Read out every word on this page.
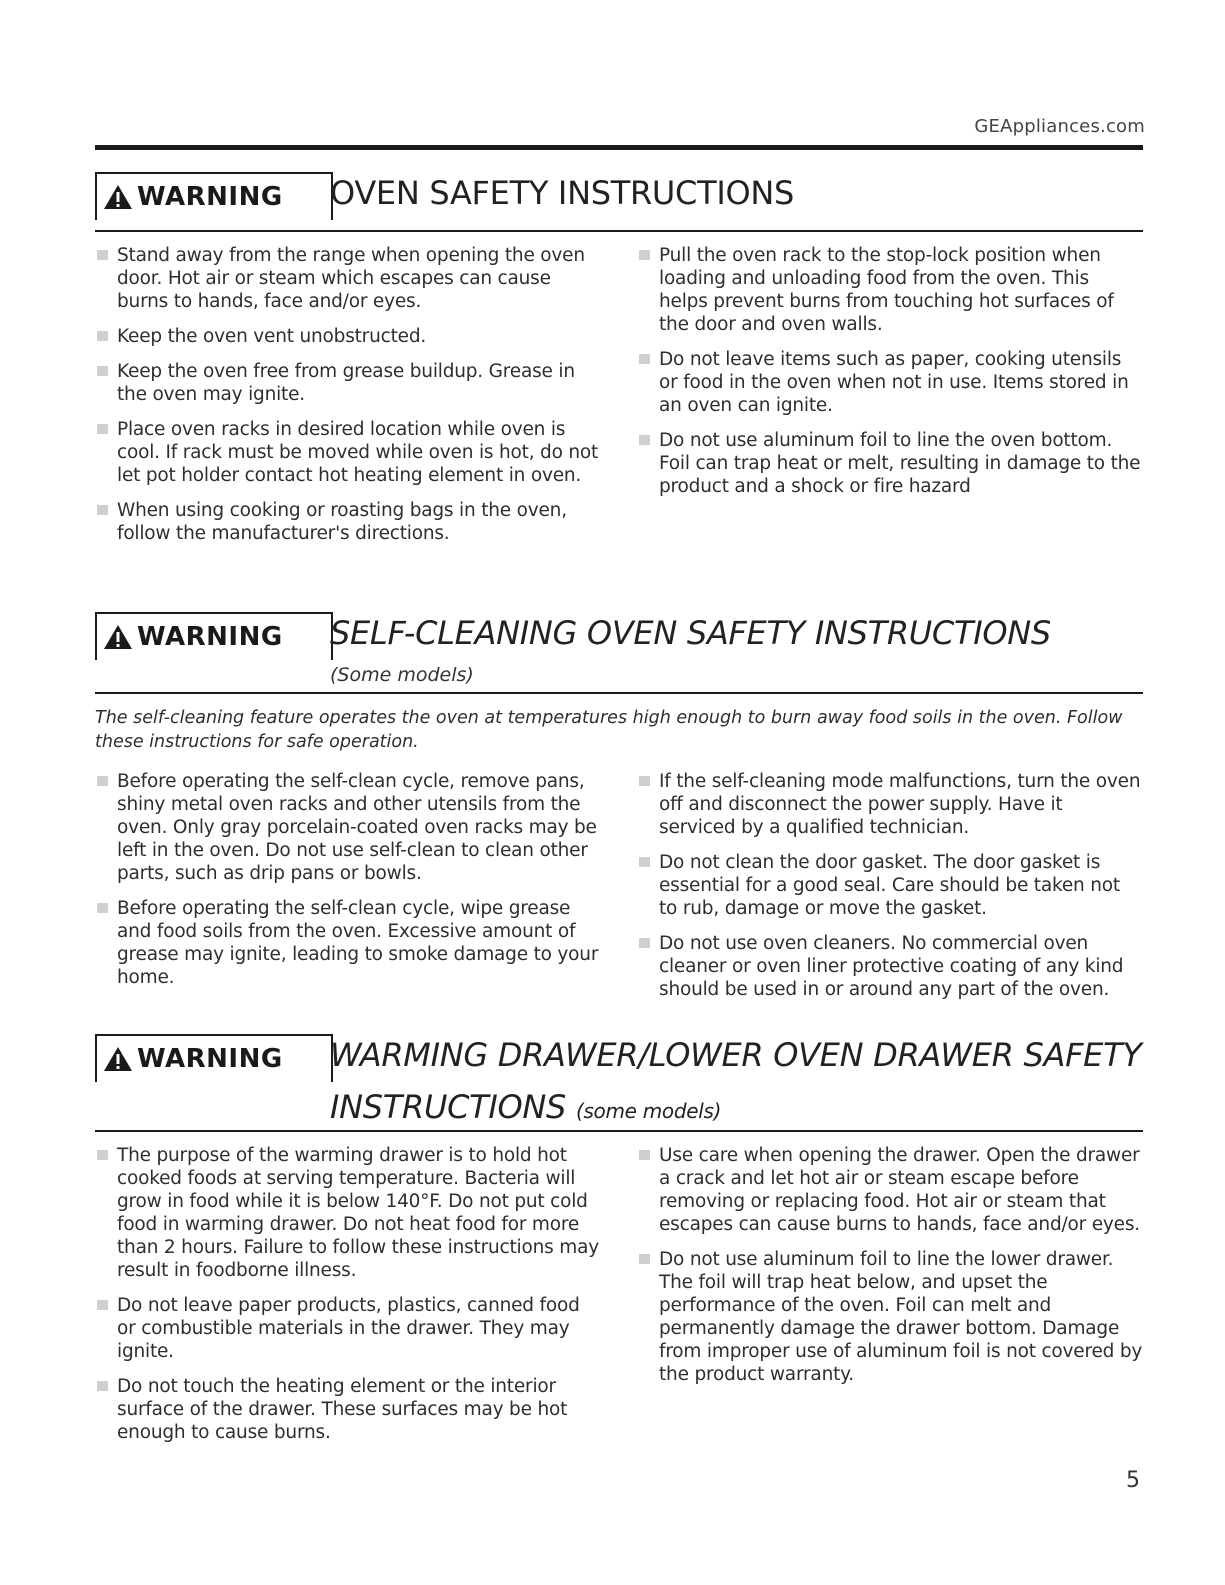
GEAppliances.com
WARNING OVEN SAFETY INSTRUCTIONS
Stand away from the range when opening the oven door. Hot air or steam which escapes can cause burns to hands, face and/or eyes.
Keep the oven vent unobstructed.
Keep the oven free from grease buildup. Grease in the oven may ignite.
Place oven racks in desired location while oven is cool. If rack must be moved while oven is hot, do not let pot holder contact hot heating element in oven.
When using cooking or roasting bags in the oven, follow the manufacturer's directions.
Pull the oven rack to the stop-lock position when loading and unloading food from the oven. This helps prevent burns from touching hot surfaces of the door and oven walls.
Do not leave items such as paper, cooking utensils or food in the oven when not in use. Items stored in an oven can ignite.
Do not use aluminum foil to line the oven bottom. Foil can trap heat or melt, resulting in damage to the product and a shock or fire hazard
WARNING SELF-CLEANING OVEN SAFETY INSTRUCTIONS
(Some models)
The self-cleaning feature operates the oven at temperatures high enough to burn away food soils in the oven. Follow these instructions for safe operation.
Before operating the self-clean cycle, remove pans, shiny metal oven racks and other utensils from the oven. Only gray porcelain-coated oven racks may be left in the oven. Do not use self-clean to clean other parts, such as drip pans or bowls.
Before operating the self-clean cycle, wipe grease and food soils from the oven. Excessive amount of grease may ignite, leading to smoke damage to your home.
If the self-cleaning mode malfunctions, turn the oven off and disconnect the power supply. Have it serviced by a qualified technician.
Do not clean the door gasket. The door gasket is essential for a good seal. Care should be taken not to rub, damage or move the gasket.
Do not use oven cleaners. No commercial oven cleaner or oven liner protective coating of any kind should be used in or around any part of the oven.
WARNING WARMING DRAWER/LOWER OVEN DRAWER SAFETY
INSTRUCTIONS (some models)
The purpose of the warming drawer is to hold hot cooked foods at serving temperature. Bacteria will grow in food while it is below 140°F. Do not put cold food in warming drawer. Do not heat food for more than 2 hours. Failure to follow these instructions may result in foodborne illness.
Do not leave paper products, plastics, canned food or combustible materials in the drawer. They may ignite.
Do not touch the heating element or the interior surface of the drawer. These surfaces may be hot enough to cause burns.
Use care when opening the drawer. Open the drawer a crack and let hot air or steam escape before removing or replacing food. Hot air or steam that escapes can cause burns to hands, face and/or eyes.
Do not use aluminum foil to line the lower drawer. The foil will trap heat below, and upset the performance of the oven. Foil can melt and permanently damage the drawer bottom. Damage from improper use of aluminum foil is not covered by the product warranty.
5
